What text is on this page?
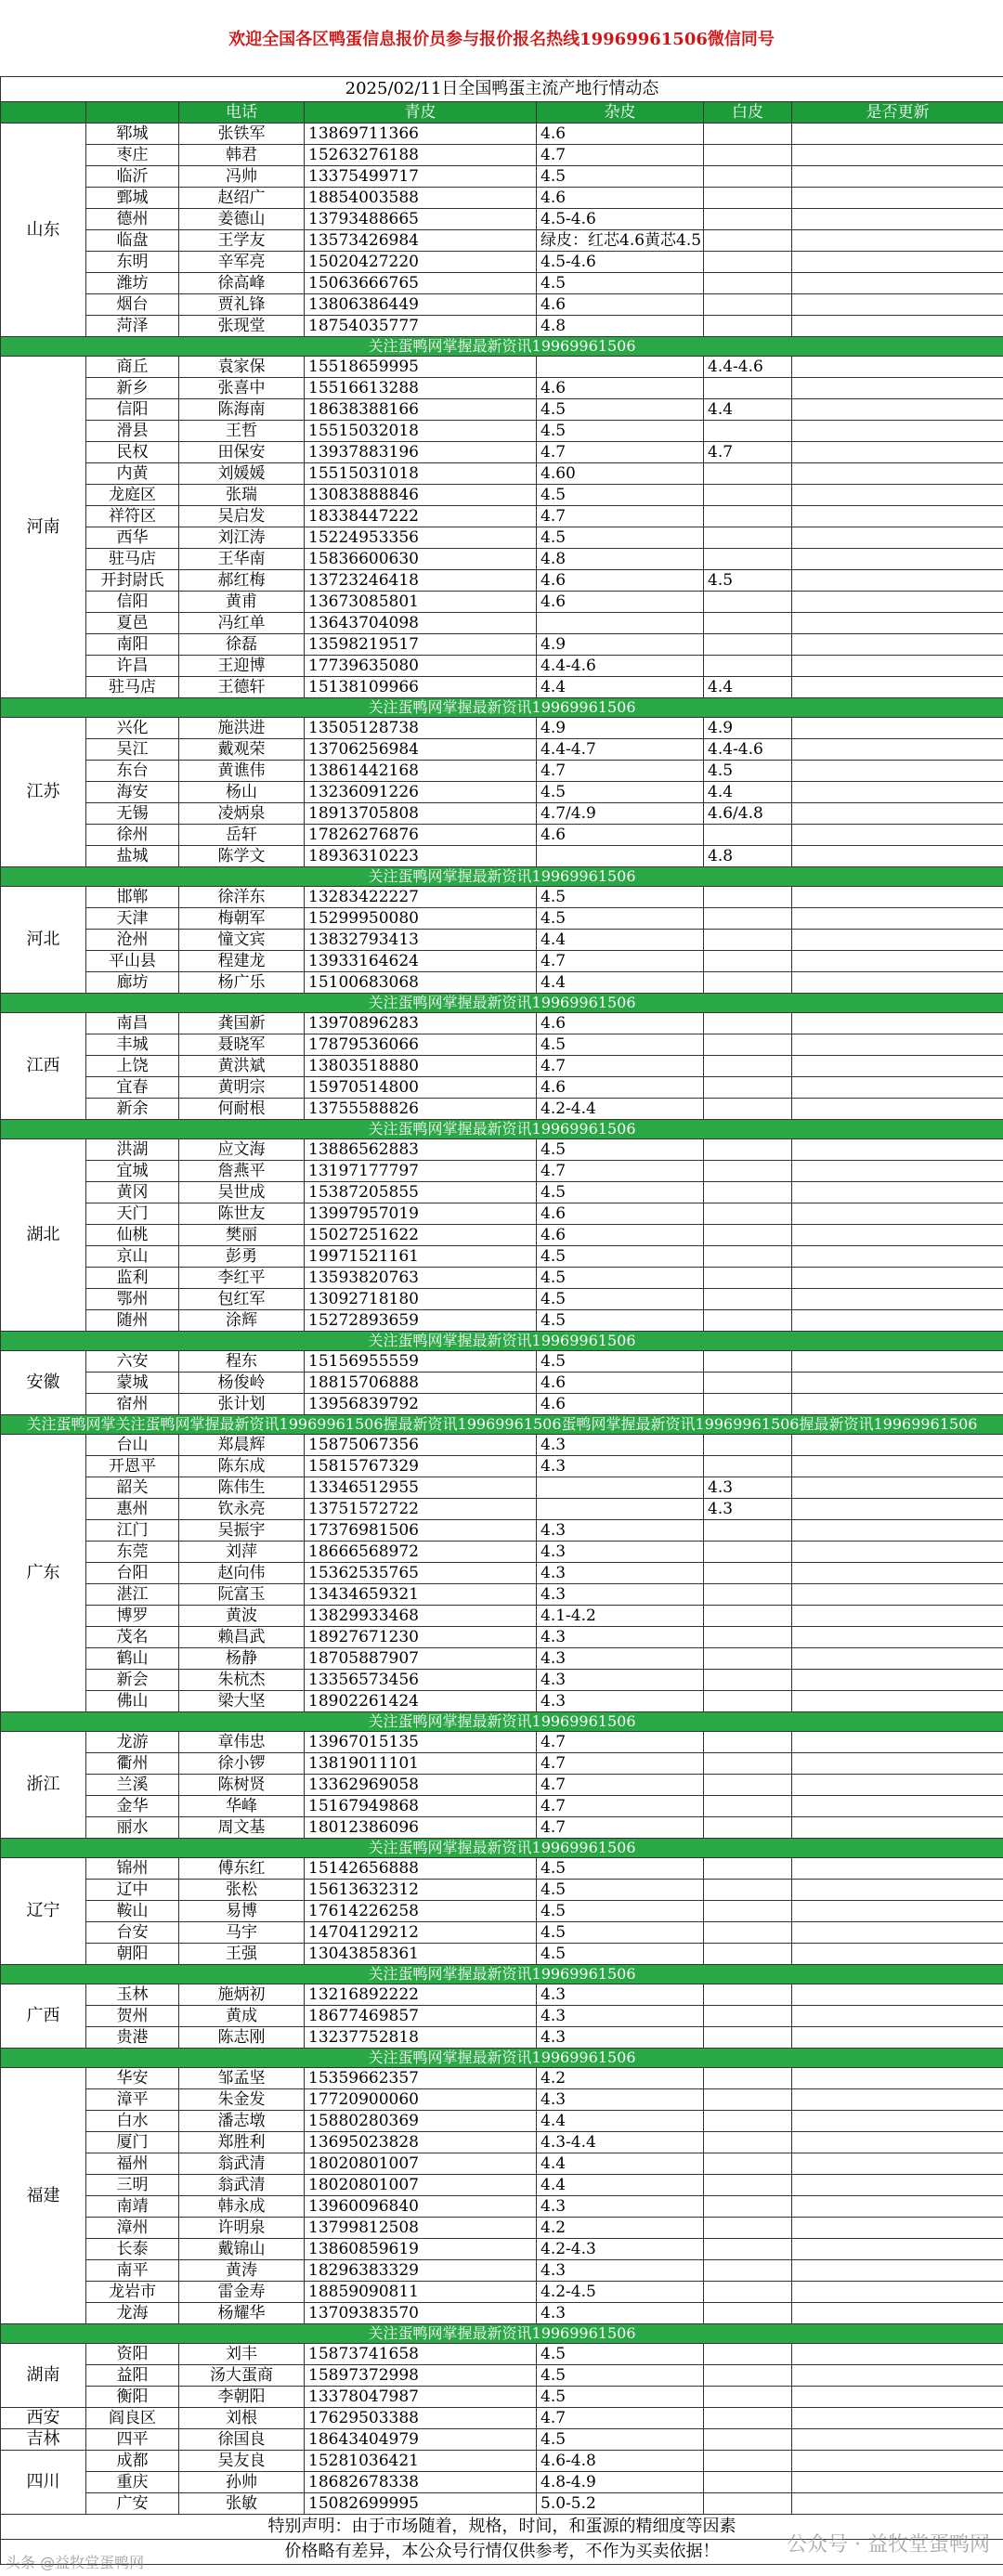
欢迎全国各区鸭蛋信息报价员参与报价报名热线19969961506微信同号
2025/02/11日全国鸭蛋主流产地行情动态							
		电话	青皮	杂皮	白皮	是否更新	
山东	郓城	张铁军	13869711366	4.6			
	枣庄	韩君	15263276188	4.7			
	临沂	冯帅	13375499717	4.5			
	鄄城	赵绍广	18854003588	4.6			
	德州	姜德山	13793488665	4.5-4.6			
	临盘	王学友	13573426984	绿皮：红芯4.6黄芯4.5			
	东明	辛军亮	15020427220	4.5-4.6			
	潍坊	徐高峰	15063666765	4.5			
	烟台	贾礼锋	13806386449	4.6			
	菏泽	张现堂	18754035777	4.8			
关注蛋鸭网掌握最新资讯19969961506							
河南	商丘	袁家保	15518659995		4.4-4.6		
	新乡	张喜中	15516613288	4.6			
	信阳	陈海南	18638388166	4.5	4.4		
	滑县	王哲	15515032018	4.5			
	民权	田保安	13937883196	4.7	4.7		
	内黄	刘媛媛	15515031018	4.60			
	龙庭区	张瑞	13083888846	4.5			
	祥符区	吴启发	18338447222	4.7			
	西华	刘江涛	15224953356	4.5			
	驻马店	王华南	15836600630	4.8			
	开封尉氏	郝红梅	13723246418	4.6	4.5		
	信阳	黄甫	13673085801	4.6			
	夏邑	冯红单	13643704098				
	南阳	徐磊	13598219517	4.9			
	许昌	王迎博	17739635080	4.4-4.6			
	驻马店	王德轩	15138109966	4.4	4.4		
关注蛋鸭网掌握最新资讯19969961506							
江苏	兴化	施洪进	13505128738	4.9	4.9		
	吴江	戴观荣	13706256984	4.4-4.7	4.4-4.6		
	东台	黄谯伟	13861442168	4.7	4.5		
	海安	杨山	13236091226	4.5	4.4		
	无锡	凌炳泉	18913705808	4.7/4.9	4.6/4.8		
	徐州	岳轩	17826276876	4.6			
	盐城	陈学文	18936310223		4.8		
关注蛋鸭网掌握最新资讯19969961506							
河北	邯郸	徐洋东	13283422227	4.5			
	天津	梅朝军	15299950080	4.5			
	沧州	憧文宾	13832793413	4.4			
	平山县	程建龙	13933164624	4.7			
	廊坊	杨广乐	15100683068	4.4			
关注蛋鸭网掌握最新资讯19969961506							
江西	南昌	龚国新	13970896283	4.6			
	丰城	聂晓军	17879536066	4.5			
	上饶	黄洪斌	13803518880	4.7			
	宜春	黄明宗	15970514800	4.6			
	新余	何耐根	13755588826	4.2-4.4			
关注蛋鸭网掌握最新资讯19969961506							
湖北	洪湖	应文海	13886562883	4.5			
	宜城	詹燕平	13197177797	4.7			
	黄冈	吴世成	15387205855	4.5			
	天门	陈世友	13997957019	4.6			
	仙桃	樊丽	15027251622	4.6			
	京山	彭勇	19971521161	4.5			
	监利	李红平	13593820763	4.5			
	鄂州	包红军	13092718180	4.5			
	随州	涂辉	15272893659	4.5			
关注蛋鸭网掌握最新资讯19969961506							
安徽	六安	程东	15156955559	4.5			
	蒙城	杨俊岭	18815706888	4.6			
	宿州	张计划	13956839792	4.6			
关注蛋鸭网掌关注蛋鸭网掌握最新资讯19969961506握最新资讯19969961506蛋鸭网掌握最新资讯19969961506握最新资讯19969961506							
广东	台山	郑晨辉	15875067356	4.3			
	开恩平	陈东成	15815767329	4.3			
	韶关	陈伟生	13346512955		4.3		
	惠州	钦永亮	13751572722		4.3		
	江门	吴振宇	17376981506	4.3			
	东莞	刘萍	18666568972	4.3			
	台阳	赵向伟	15362535765	4.3			
	湛江	阮富玉	13434659321	4.3			
	博罗	黄波	13829933468	4.1-4.2			
	茂名	赖昌武	18927671230	4.3			
	鹤山	杨静	18705887907	4.3			
	新会	朱杭杰	13356573456	4.3			
	佛山	梁大坚	18902261424	4.3			
关注蛋鸭网掌握最新资讯19969961506							
浙江	龙游	章伟忠	13967015135	4.7			
	衢州	徐小锣	13819011101	4.7			
	兰溪	陈树贤	13362969058	4.7			
	金华	华峰	15167949868	4.7			
	丽水	周文基	18012386096	4.7			
关注蛋鸭网掌握最新资讯19969961506							
辽宁	锦州	傅东红	15142656888	4.5			
	辽中	张松	15613632312	4.5			
	鞍山	易博	17614226258	4.5			
	台安	马宇	14704129212	4.5			
	朝阳	王强	13043858361	4.5			
关注蛋鸭网掌握最新资讯19969961506							
广西	玉林	施炳初	13216892222	4.3			
	贺州	黄成	18677469857	4.3			
	贵港	陈志刚	13237752818	4.3			
关注蛋鸭网掌握最新资讯19969961506							
福建	华安	邹孟坚	15359662357	4.2			
	漳平	朱金发	17720900060	4.3			
	白水	潘志墩	15880280369	4.4			
	厦门	郑胜利	13695023828	4.3-4.4			
	福州	翁武清	18020801007	4.4			
	三明	翁武清	18020801007	4.4			
	南靖	韩永成	13960096840	4.3			
	漳州	许明泉	13799812508	4.2			
	长泰	戴锦山	13860859619	4.2-4.3			
	南平	黄涛	18296383329	4.3			
	龙岩市	雷金寿	18859090811	4.2-4.5			
	龙海	杨耀华	13709383570	4.3			
关注蛋鸭网掌握最新资讯19969961506							
湖南	资阳	刘丰	15873741658	4.5			
	益阳	汤大蛋商	15897372998	4.5			
	衡阳	李朝阳	13378047987	4.5			
西安	阎良区	刘根	17629503388	4.7			
吉林	四平	徐国良	18643404979	4.5			
四川	成都	吴友良	15281036421	4.6-4.8			
	重庆	孙帅	18682678338	4.8-4.9			
	广安	张敏	15082699995	5.0-5.2			
特别声明：由于市场随着，规格，时间，和蛋源的精细度等因素							
价格略有差异，本公众号行情仅供参考，不作为买卖依据！								公众号 · 益牧堂蛋鸭网
头条 @益牧堂蛋鸭网
